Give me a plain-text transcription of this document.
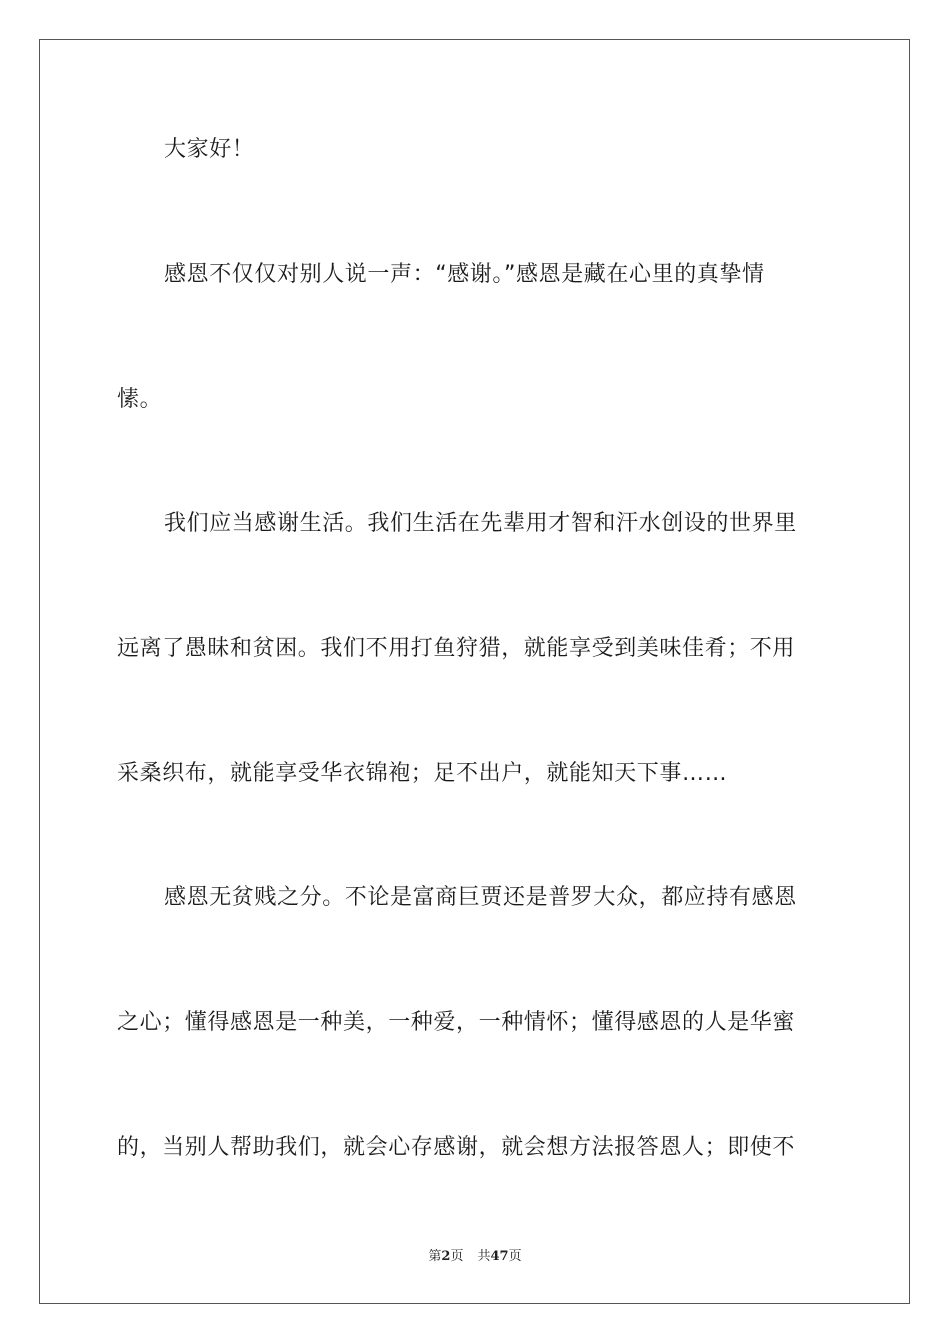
大家好！
感恩不仅仅对别人说一声：“感谢。”感恩是藏在心里的真挚情
愫。
我们应当感谢生活。我们生活在先辈用才智和汗水创设的世界里
远离了愚昧和贫困。我们不用打鱼狩猎，就能享受到美味佳肴；不用
采桑织布，就能享受华衣锦袍；足不出户，就能知天下事……
感恩无贫贱之分。不论是富商巨贾还是普罗大众，都应持有感恩
之心；懂得感恩是一种美，一种爱，一种情怀；懂得感恩的人是华蜜
的，当别人帮助我们，就会心存感谢，就会想方法报答恩人；即使不
第2页 共47页
